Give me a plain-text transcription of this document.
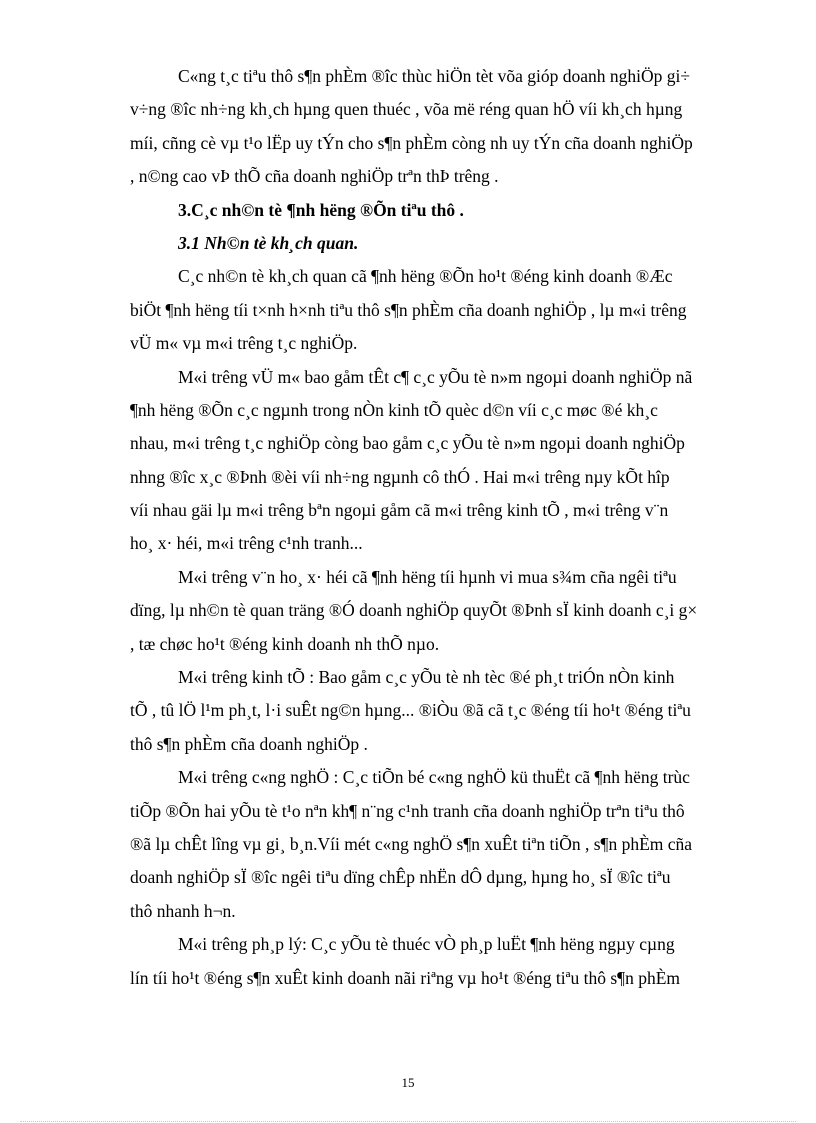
C«ng t¸c tiªu thô s¶n phÈm ®îc thùc hiÖn tèt võa gióp doanh nghiÖp gi÷
v÷ng ®îc nh÷ng kh¸ch hµng quen thuéc , võa më réng quan hÖ víi kh¸ch hµng
míi, cñng cè vµ t¹o lËp uy tÝn cho s¶n phÈm còng nh uy tÝn cña doanh nghiÖp
, n©ng cao vÞ thÕ cña doanh nghiÖp trªn thÞ trêng .
3.C¸c nh©n tè ¶nh hëng ®Õn tiªu thô .
3.1 Nh©n tè kh¸ch quan.
C¸c nh©n tè kh¸ch quan cã ¶nh hëng ®Õn ho¹t ®éng kinh doanh ®Æc
biÖt ¶nh hëng tíi t×nh h×nh tiªu thô s¶n phÈm cña doanh nghiÖp , lµ m«i trêng
vÜ m« vµ m«i trêng t¸c nghiÖp.
M«i trêng vÜ m« bao gåm tÊt c¶ c¸c yÕu tè n»m ngoµi doanh nghiÖp nã
¶nh hëng ®Õn c¸c ngµnh trong nÒn kinh tÕ quèc d©n víi c¸c møc ®é kh¸c
nhau, m«i trêng t¸c nghiÖp còng bao gåm c¸c yÕu tè n»m ngoµi doanh nghiÖp
nhng ®îc x¸c ®Þnh ®èi víi nh÷ng ngµnh cô thÓ . Hai m«i trêng nµy kÕt hîp
víi nhau gäi lµ m«i trêng bªn ngoµi gåm cã m«i trêng kinh tÕ , m«i trêng v¨n
ho¸ x· héi, m«i trêng c¹nh tranh...
M«i trêng v¨n ho¸ x· héi cã ¶nh hëng tíi hµnh vi mua s¾m cña ngêi tiªu
dïng, lµ nh©n tè quan träng ®Ó doanh nghiÖp quyÕt ®Þnh sÏ kinh doanh c¸i g×
, tæ chøc ho¹t ®éng kinh doanh nh thÕ nµo.
M«i trêng kinh tÕ : Bao gåm c¸c yÕu tè nh tèc ®é ph¸t triÓn nÒn kinh
tÕ , tû lÖ l¹m ph¸t, l·i suÊt ng©n hµng... ®iÒu ®ã cã t¸c ®éng tíi ho¹t ®éng tiªu
thô s¶n phÈm cña doanh nghiÖp .
M«i trêng c«ng nghÖ : C¸c tiÕn bé c«ng nghÖ kü thuËt cã ¶nh hëng trùc
tiÕp ®Õn hai yÕu tè t¹o nªn kh¶ n¨ng c¹nh tranh cña doanh nghiÖp trªn tiªu thô
®ã lµ chÊt lîng vµ gi¸ b¸n.Víi mét c«ng nghÖ s¶n xuÊt tiªn tiÕn , s¶n phÈm cña
doanh nghiÖp sÏ ®îc ngêi tiªu dïng chÊp nhËn dÔ dµng, hµng ho¸ sÏ ®îc tiªu
thô nhanh h¬n.
M«i trêng ph¸p lý: C¸c yÕu tè thuéc vÒ ph¸p luËt ¶nh hëng ngµy cµng
lín tíi ho¹t ®éng s¶n xuÊt kinh doanh nãi riªng vµ ho¹t ®éng tiªu thô s¶n phÈm
15
